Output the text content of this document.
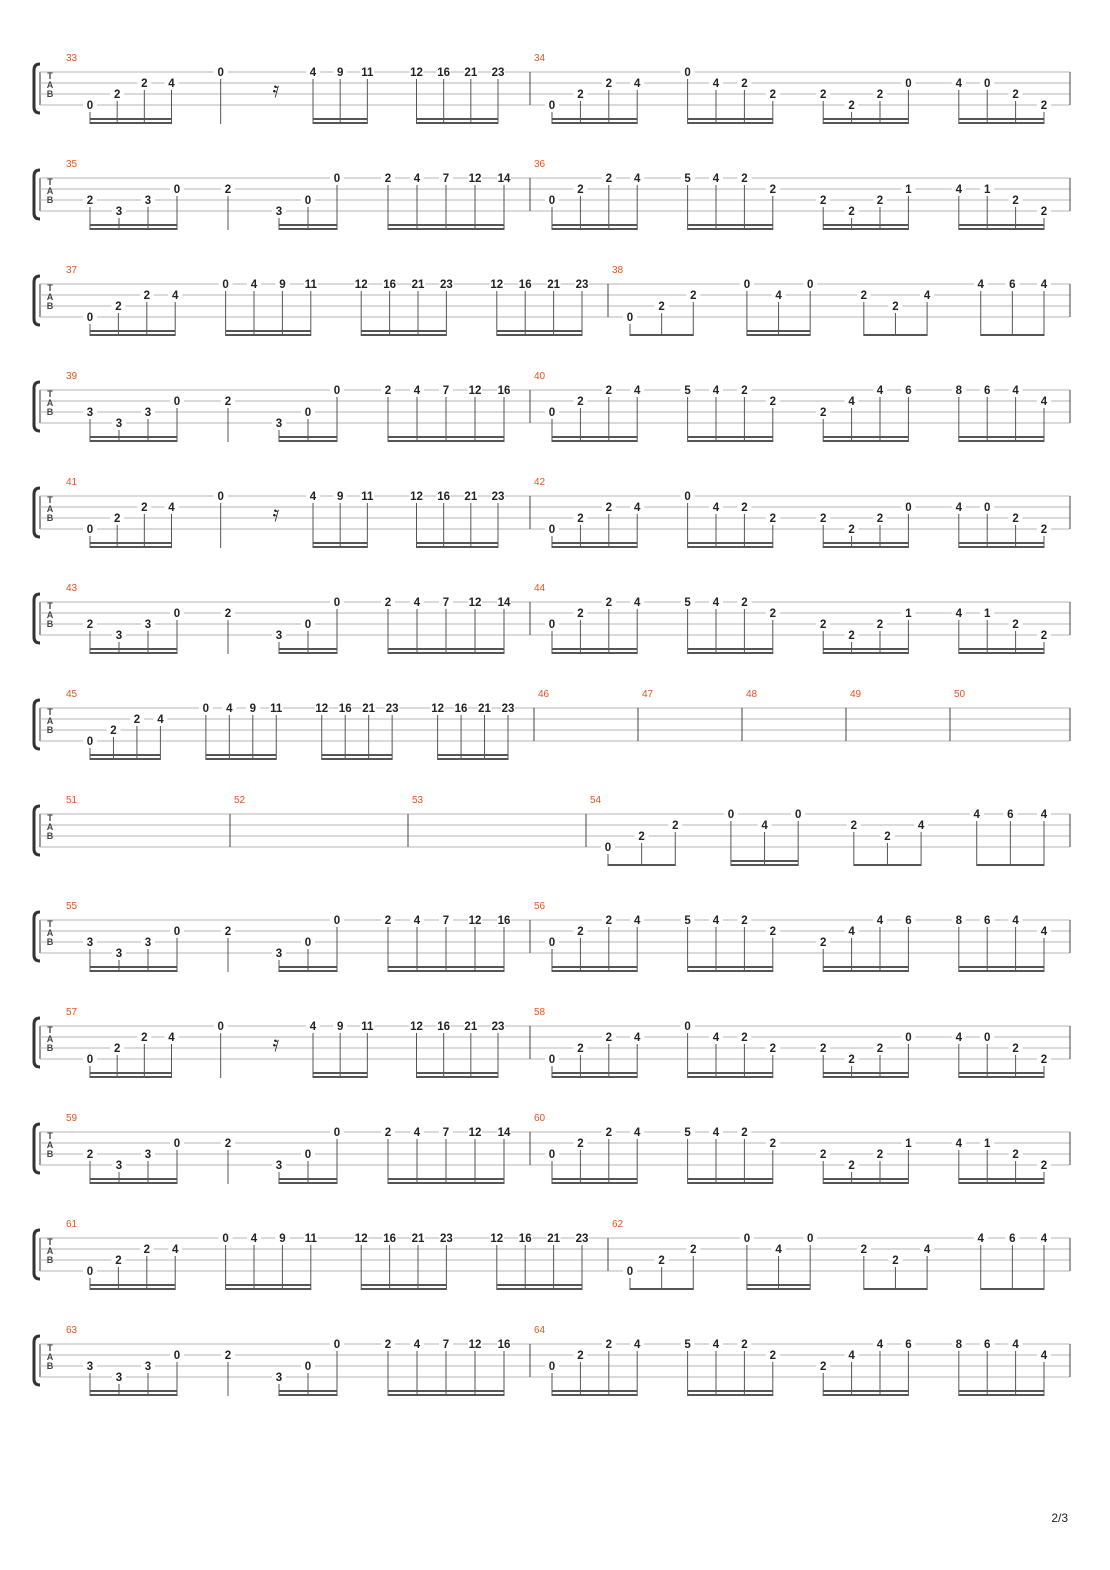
T
A
B
33
0
2
2 4
0
𝄿
4 9 11	12 16 21 23
34
0
2
2 4
0
4 2
2	2
2
2
0	4 0
2
2
T
A
B
35
2
3
3
0	2
3
0
0	2 4 7 12 14
36
0
2
2 4	5 4 2
2
2
2
2
1	4 1
2
2
T
A
B
37
0
2
2 4
0 4 9 11	12 16 21 23	12 16 21 23
38
0
2
2
0
4
0
2
2
4
4 6 4
T
A
B
39
3
3
3
0	2
3
0
0	2 4 7 12 16
40
0
2
2 4	5 4 2
2
2
4
4 6	8 6 4
4
T
A
B
41
0
2
2 4
0
𝄿
4 9 11	12 16 21 23
42
0
2
2 4
0
4 2
2	2
2
2
0	4 0
2
2
T
A
B
43
2
3
3
0	2
3
0
0	2 4 7 12 14
44
0
2
2 4	5 4 2
2
2
2
2
1	4 1
2
2
T
A
B
45
0
2
2 4
0 4 9 11	12 16 21 23	12 16 21 23
46	47	48	49	50
T
A
B
51	52	53	54
0
2
2
0
4
0
2
2
4
4 6 4
T
A
B
55
3
3
3
0	2
3
0
0	2 4 7 12 16
56
0
2
2 4	5 4 2
2
2
4
4 6	8 6 4
4
T
A
B
57
0
2
2 4
0
𝄿
4 9 11	12 16 21 23
58
0
2
2 4
0
4 2
2	2
2
2
0	4 0
2
2
T
A
B
59
2
3
3
0	2
3
0
0	2 4 7 12 14
60
0
2
2 4	5 4 2
2
2
2
2
1	4 1
2
2
T
A
B
61
0
2
2 4
0 4 9 11	12 16 21 23	12 16 21 23
62
0
2
2
0
4
0
2
2
4
4 6 4
T
A
B
63
3
3
3
0	2
3
0
0	2 4 7 12 16
64
0
2
2 4	5 4 2
2
2
4
4 6	8 6 4
4
2/3
